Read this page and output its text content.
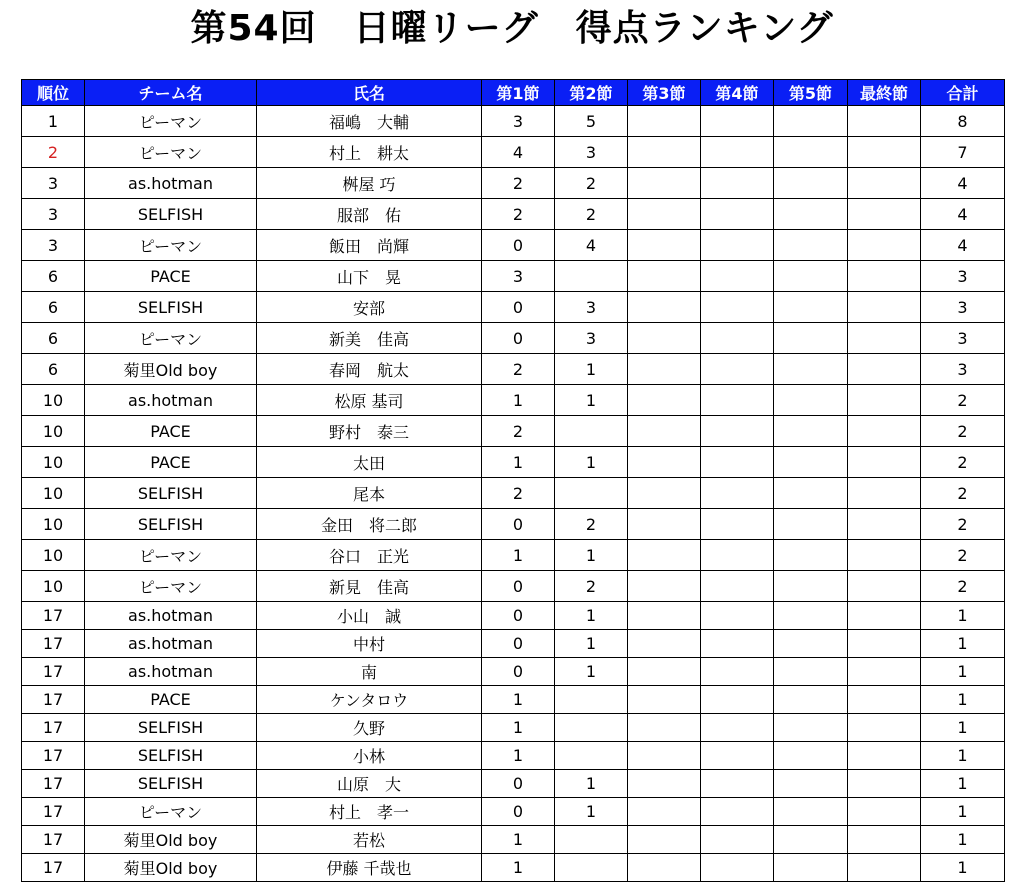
第54回　日曜リーグ　得点ランキング
順位	チーム名	氏名	第1節	第2節	第3節	第4節	第5節	最終節	合計
1	ピーマン	福嶋　大輔	3	5					8
2	ピーマン	村上　耕太	4	3					7
3	as.hotman	桝屋 巧	2	2					4
3	SELFISH	服部　佑	2	2					4
3	ピーマン	飯田　尚輝	0	4					4
6	PACE	山下　晃	3						3
6	SELFISH	安部	0	3					3
6	ピーマン	新美　佳高	0	3					3
6	菊里Old boy	春岡　航太	2	1					3
10	as.hotman	松原 基司	1	1					2
10	PACE	野村　泰三	2						2
10	PACE	太田	1	1					2
10	SELFISH	尾本	2						2
10	SELFISH	金田　将二郎	0	2					2
10	ピーマン	谷口　正光	1	1					2
10	ピーマン	新見　佳高	0	2					2
17	as.hotman	小山　誠	0	1					1
17	as.hotman	中村	0	1					1
17	as.hotman	南	0	1					1
17	PACE	ケンタロウ	1						1
17	SELFISH	久野	1						1
17	SELFISH	小林	1						1
17	SELFISH	山原　大	0	1					1
17	ピーマン	村上　孝一	0	1					1
17	菊里Old boy	若松	1						1
17	菊里Old boy	伊藤 千哉也	1						1
